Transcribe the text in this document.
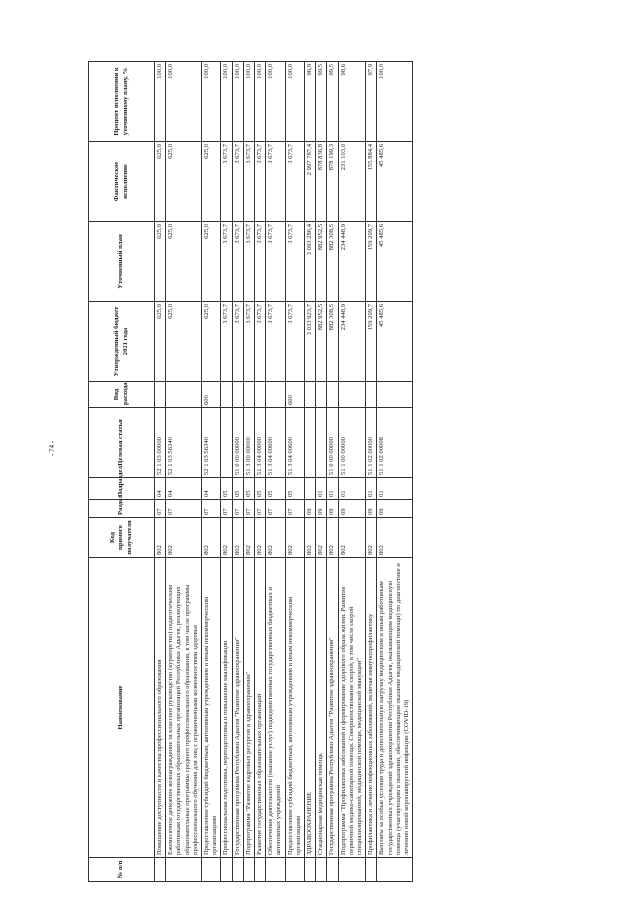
- 74 -
№ п/п	Наименование	Код прямого получателя	Раздел	Подраздел	Целевая статья	Вид расхода	Утвержденный бюджет 2021 года	Уточненный план	Фактическое исполнение	Процент исполнения к уточненному плану, %
	Повышение доступности и качества профессионального образования	802	07	04	52 1 03 00000		625,0	625,0	625,0	100,0
	Ежемесячное денежное вознаграждение за классное руководство (кураторство) педагогическим работникам государственных образовательных организаций Республики Адыгея, реализующих образовательные программы среднего профессионального образования, в том числе программы профессионального обучения для лиц с ограниченными возможностями здоровья	802	07	04	52 1 03 56340		625,0	625,0	625,0	100,0
	Предоставление субсидий бюджетным, автономным учреждениям и иным некоммерческим организациям	802	07	04	52 1 03 56340	600	625,0	625,0	625,0	100,0
	Профессиональная подготовка, переподготовка и повышение квалификации	802	07	05			3 673,7	3 673,7	3 673,7	100,0
	Государственная программа Республики Адыгея "Развитие здравоохранения"	802	07	05	51 0 00 00000		3 673,7	3 673,7	3 673,7	100,0
	Подпрограмма "Развитие кадровых ресурсов в здравоохранении"	802	07	05	51 3 00 00000		3 673,7	3 673,7	3 673,7	100,0
	Развитие государственных образовательных организаций	802	07	05	51 3 04 00000		3 673,7	3 673,7	3 673,7	100,0
	Обеспечение деятельности (оказание услуг) подведомственных государственных бюджетных и автономных учреждений	802	07	05	51 3 04 00600		3 673,7	3 673,7	3 673,7	100,0
	Предоставление субсидий бюджетным, автономным учреждениям и иным некоммерческим организациям	802	07	05	51 3 04 00600	600	3 673,7	3 673,7	3 673,7	100,0
	ЗДРАВООХРАНЕНИЕ	802	09				3 033 923,7	3 093 286,4	2 997 787,4	96,9
	Стационарная медицинская помощь	802	09	01			882 952,5	882 952,5	878 836,8	99,5
	Государственная программа Республики Адыгея "Развитие здравоохранения"	802	09	01	51 0 00 00000		882 308,5	882 308,5	878 199,3	99,5
	Подпрограмма "Профилактика заболеваний и формирование здорового образа жизни. Развитие первичной медико-санитарной помощи. Совершенствование скорой, в том числе скорой специализированной, медицинской помощи, медицинской эвакуации"	802	09	01	51 1 00 00000		234 448,9	234 448,9	231 103,0	98,6
	Профилактика и лечение инфекционных заболеваний, включая иммунопрофилактику	802	09	01	51 1 02 00000		159 209,7	159 209,7	155 884,4	97,9
	Выплаты за особые условия труда и дополнительную нагрузку медицинским и иным работникам государственных учреждений здравоохранения Республики Адыгея, оказывающим медицинскую помощь (участвующим в оказании, обеспечивающим оказание медицинской помощи) по диагностике и лечению новой коронавирусной инфекции (COVID-19)	802	09	01	51 1 02 00008		45 485,6	45 485,6	45 485,6	100,0
